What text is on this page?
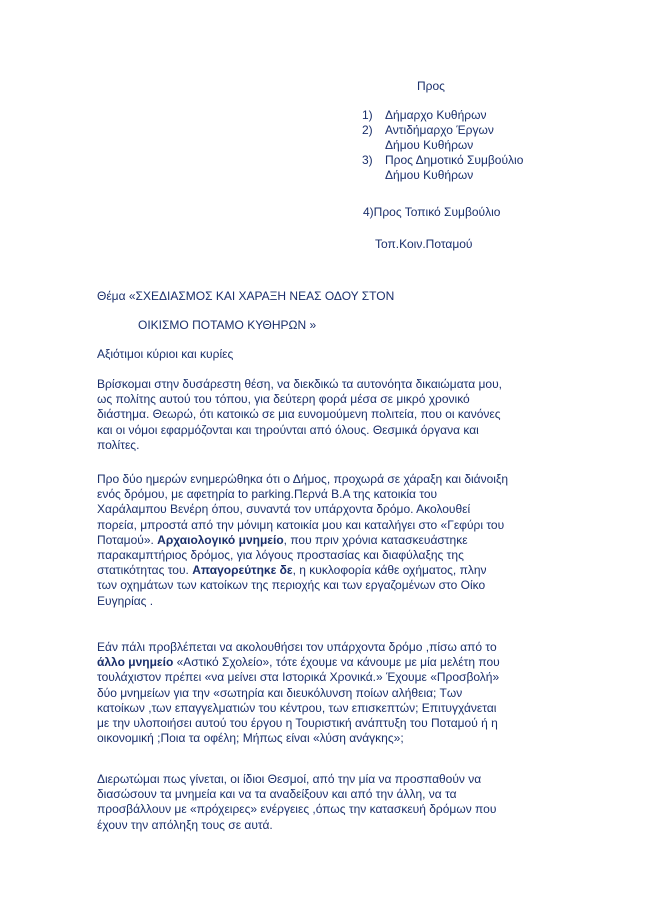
Προς
1) Δήμαρχο Κυθήρων
2) Αντιδήμαρχο Έργων
Δήμου Κυθήρων
3) Προς Δημοτικό Συμβούλιο
Δήμου Κυθήρων
4)Προς Τοπικό Συμβούλιο
Τοπ.Κοιν.Ποταμού
Θέμα «ΣΧΕΔΙΑΣΜΟΣ ΚΑΙ ΧΑΡΑΞΗ ΝΕΑΣ ΟΔΟΥ ΣΤΟΝ
ΟΙΚΙΣΜΟ ΠΟΤΑΜΟ ΚΥΘΗΡΩΝ »
Αξιότιμοι κύριοι και κυρίες
Βρίσκομαι στην δυσάρεστη θέση, να διεκδικώ τα αυτονόητα δικαιώματα μου,
ως πολίτης αυτού του τόπου, για δεύτερη φορά μέσα σε μικρό χρονικό
διάστημα. Θεωρώ, ότι κατοικώ σε μια ευνομούμενη πολιτεία, που οι κανόνες
και οι νόμοι εφαρμόζονται και τηρούνται από όλους. Θεσμικά όργανα και
πολίτες.
Προ δύο ημερών ενημερώθηκα ότι ο Δήμος, προχωρά σε χάραξη και διάνοιξη
ενός δρόμου, με αφετηρία to parking.Περνά Β.Α της κατοικία του
Χαράλαμπου Βενέρη όπου, συναντά τον υπάρχοντα δρόμο. Ακολουθεί
πορεία, μπροστά από την μόνιμη κατοικία μου και καταλήγει στο «Γεφύρι του
Ποταμού». Αρχαιολογικό μνημείο, που πριν χρόνια κατασκευάστηκε
παρακαμπτήριος δρόμος, για λόγους προστασίας και διαφύλαξης της
στατικότητας του. Απαγορεύτηκε δε, η κυκλοφορία κάθε οχήματος, πλην
των οχημάτων των κατοίκων της περιοχής και των εργαζομένων στο Οίκο
Ευγηρίας .
Εάν πάλι προβλέπεται να ακολουθήσει τον υπάρχοντα δρόμο ,πίσω από το
άλλο μνημείο «Αστικό Σχολείο», τότε έχουμε να κάνουμε με μία μελέτη που
τουλάχιστον πρέπει «να μείνει στα Ιστορικά Χρονικά.» Έχουμε «Προσβολή»
δύο μνημείων για την «σωτηρία και διευκόλυνση ποίων αλήθεια; Των
κατοίκων ,των επαγγελματιών του κέντρου, των επισκεπτών; Επιτυγχάνεται
με την υλοποιήσει αυτού του έργου η Τουριστική ανάπτυξη του Ποταμού ή η
οικονομική ;Ποια τα οφέλη; Μήπως είναι «λύση ανάγκης»;
Διερωτώμαι πως γίνεται, οι ίδιοι Θεσμοί, από την μία να προσπαθούν να
διασώσουν τα μνημεία και να τα αναδείξουν και από την άλλη, να τα
προσβάλλουν με «πρόχειρες» ενέργειες ,όπως την κατασκευή δρόμων που
έχουν την απόληξη τους σε αυτά.
